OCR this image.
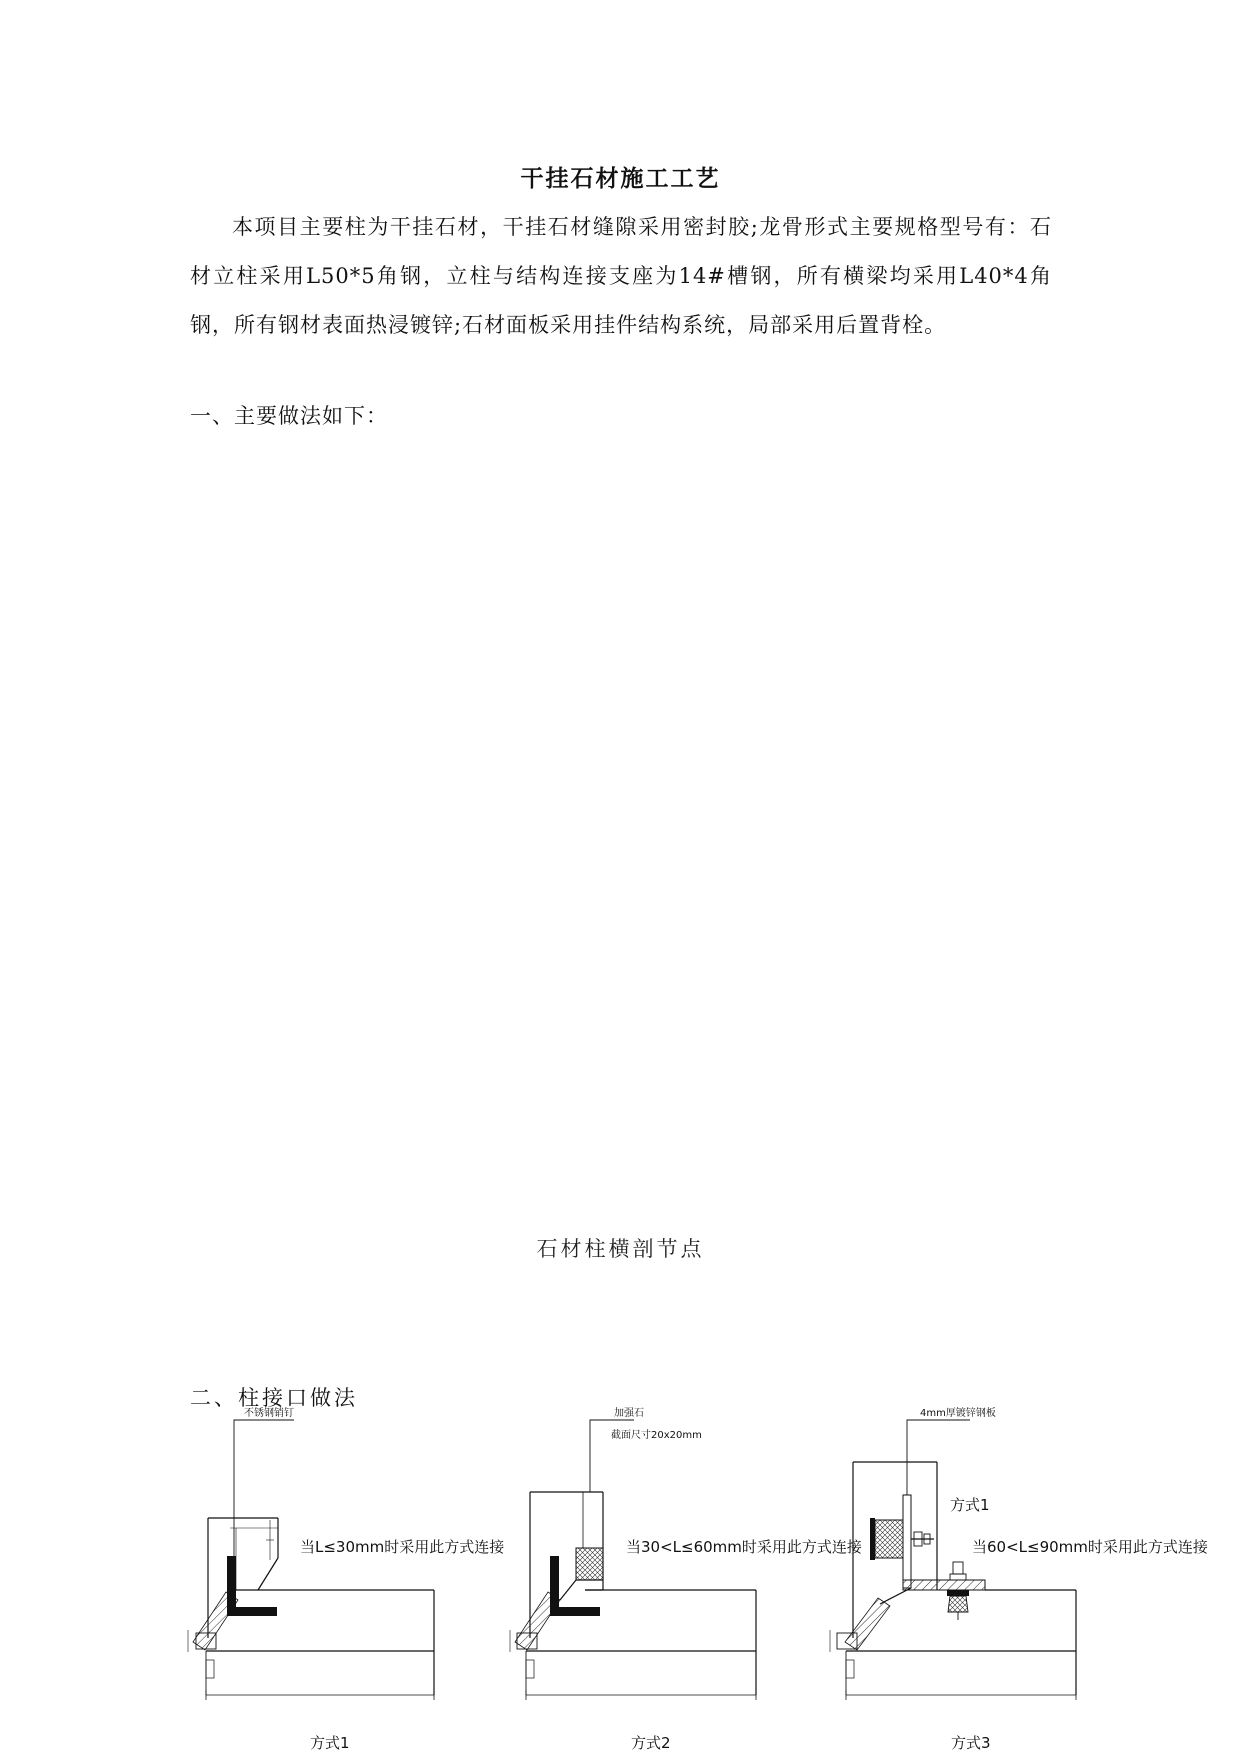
干挂石材施工工艺

本项目主要柱为干挂石材，干挂石材缝隙采用密封胶;龙骨形式主要规格型号有：石材立柱采用L50*5角钢，立柱与结构连接支座为14#槽钢，所有横梁均采用L40*4角钢，所有钢材表面热浸镀锌;石材面板采用挂件结构系统，局部采用后置背栓。

一、主要做法如下：
石材柱横剖节点
二、柱接口做法
不锈钢销钉
当L≤30mm时采用此方式连接
方式1
加强石
截面尺寸20x20mm
当30<L≤60mm时采用此方式连接
方式2
4mm厚镀锌钢板
方式1
当60<L≤90mm时采用此方式连接
方式3
